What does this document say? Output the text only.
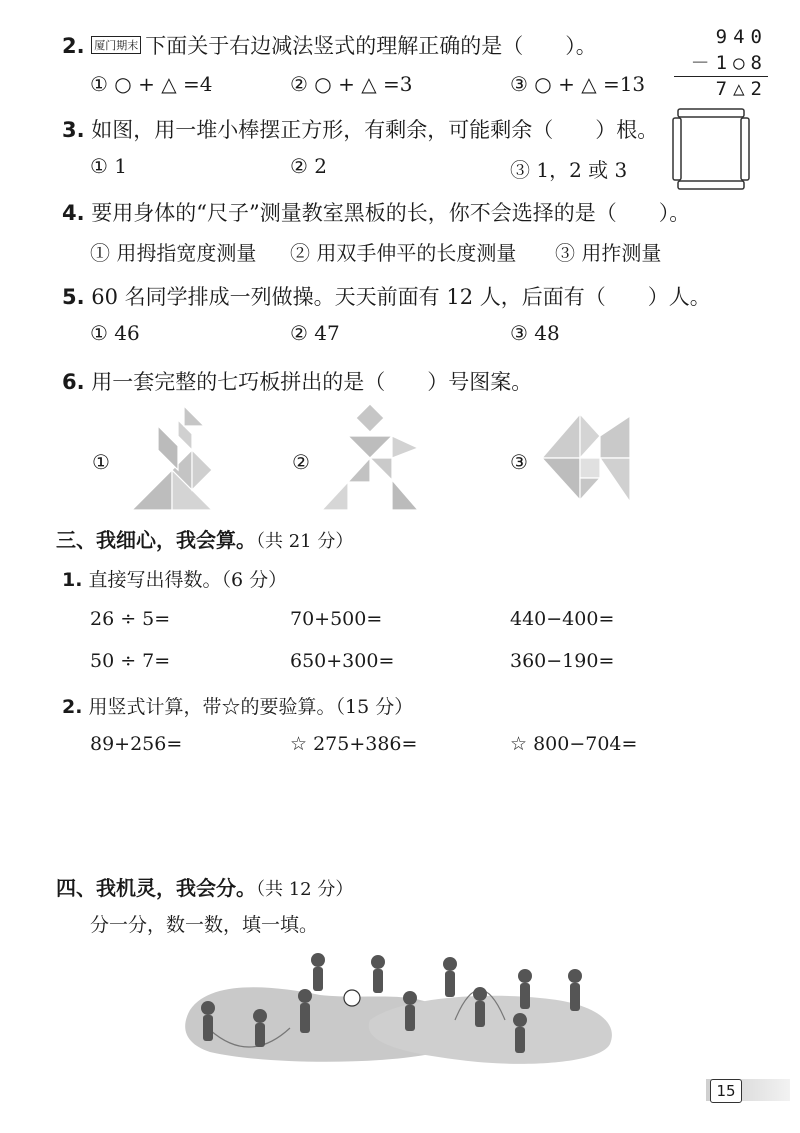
2. 厦门期末 下面关于右边减法竖式的理解正确的是（　　）。
① ○ + △ =4	② ○ + △ =3	③ ○ + △ =13
940
－1○8
7△2
3. 如图，用一堆小棒摆正方形，有剩余，可能剩余（　　）根。
① 1	② 2	③ 1，2 或 3
4. 要用身体的“尺子”测量教室黑板的长，你不会选择的是（　　）。
① 用拇指宽度测量 ② 用双手伸平的长度测量 ③ 用拃测量
5. 60 名同学排成一列做操。天天前面有 12 人，后面有（　　）人。
① 46	② 47	③ 48
6. 用一套完整的七巧板拼出的是（　　）号图案。
①	②	③
三、我细心，我会算。（共 21 分）
1. 直接写出得数。（6 分）
26 ÷ 5=	70+500=	440−400=
50 ÷ 7=	650+300=	360−190=
2. 用竖式计算，带☆的要验算。（15 分）
89+256=	☆ 275+386=	☆ 800−704=
四、我机灵，我会分。（共 12 分）
分一分，数一数，填一填。
15
